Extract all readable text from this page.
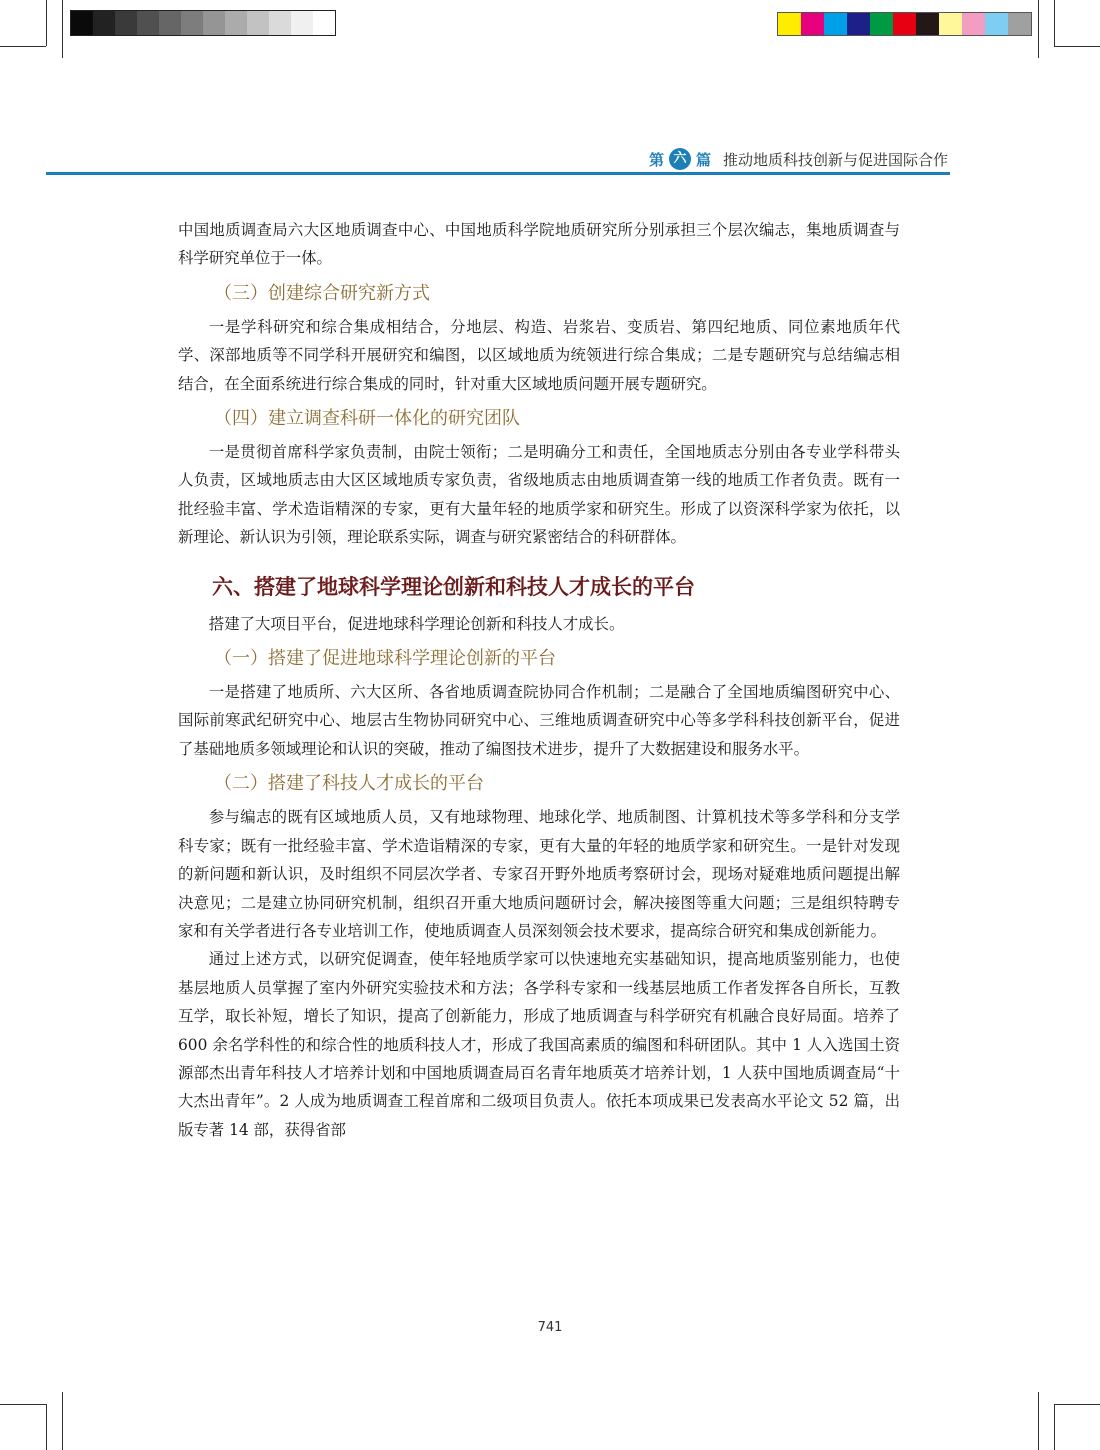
第 六 篇 推动地质科技创新与促进国际合作

中国地质调查局六大区地质调查中心、中国地质科学院地质研究所分别承担三个层次编志，集地质调查与科学研究单位于一体。

（三）创建综合研究新方式

一是学科研究和综合集成相结合，分地层、构造、岩浆岩、变质岩、第四纪地质、同位素地质年代学、深部地质等不同学科开展研究和编图，以区域地质为统领进行综合集成；二是专题研究与总结编志相结合，在全面系统进行综合集成的同时，针对重大区域地质问题开展专题研究。

（四）建立调查科研一体化的研究团队

一是贯彻首席科学家负责制，由院士领衔；二是明确分工和责任，全国地质志分别由各专业学科带头人负责，区域地质志由大区区域地质专家负责，省级地质志由地质调查第一线的地质工作者负责。既有一批经验丰富、学术造诣精深的专家，更有大量年轻的地质学家和研究生。形成了以资深科学家为依托，以新理论、新认识为引领，理论联系实际，调查与研究紧密结合的科研群体。

六、搭建了地球科学理论创新和科技人才成长的平台

搭建了大项目平台，促进地球科学理论创新和科技人才成长。

（一）搭建了促进地球科学理论创新的平台

一是搭建了地质所、六大区所、各省地质调查院协同合作机制；二是融合了全国地质编图研究中心、国际前寒武纪研究中心、地层古生物协同研究中心、三维地质调查研究中心等多学科科技创新平台，促进了基础地质多领域理论和认识的突破，推动了编图技术进步，提升了大数据建设和服务水平。

（二）搭建了科技人才成长的平台

参与编志的既有区域地质人员，又有地球物理、地球化学、地质制图、计算机技术等多学科和分支学科专家；既有一批经验丰富、学术造诣精深的专家，更有大量的年轻的地质学家和研究生。一是针对发现的新问题和新认识，及时组织不同层次学者、专家召开野外地质考察研讨会，现场对疑难地质问题提出解决意见；二是建立协同研究机制，组织召开重大地质问题研讨会，解决接图等重大问题；三是组织特聘专家和有关学者进行各专业培训工作，使地质调查人员深刻领会技术要求，提高综合研究和集成创新能力。

通过上述方式，以研究促调查，使年轻地质学家可以快速地充实基础知识，提高地质鉴别能力，也使基层地质人员掌握了室内外研究实验技术和方法；各学科专家和一线基层地质工作者发挥各自所长，互教互学，取长补短，增长了知识，提高了创新能力，形成了地质调查与科学研究有机融合良好局面。培养了 600 余名学科性的和综合性的地质科技人才，形成了我国高素质的编图和科研团队。其中 1 人入选国土资源部杰出青年科技人才培养计划和中国地质调查局百名青年地质英才培养计划，1 人获中国地质调查局“十大杰出青年”。2 人成为地质调查工程首席和二级项目负责人。依托本项成果已发表高水平论文 52 篇，出版专著 14 部，获得省部

741
